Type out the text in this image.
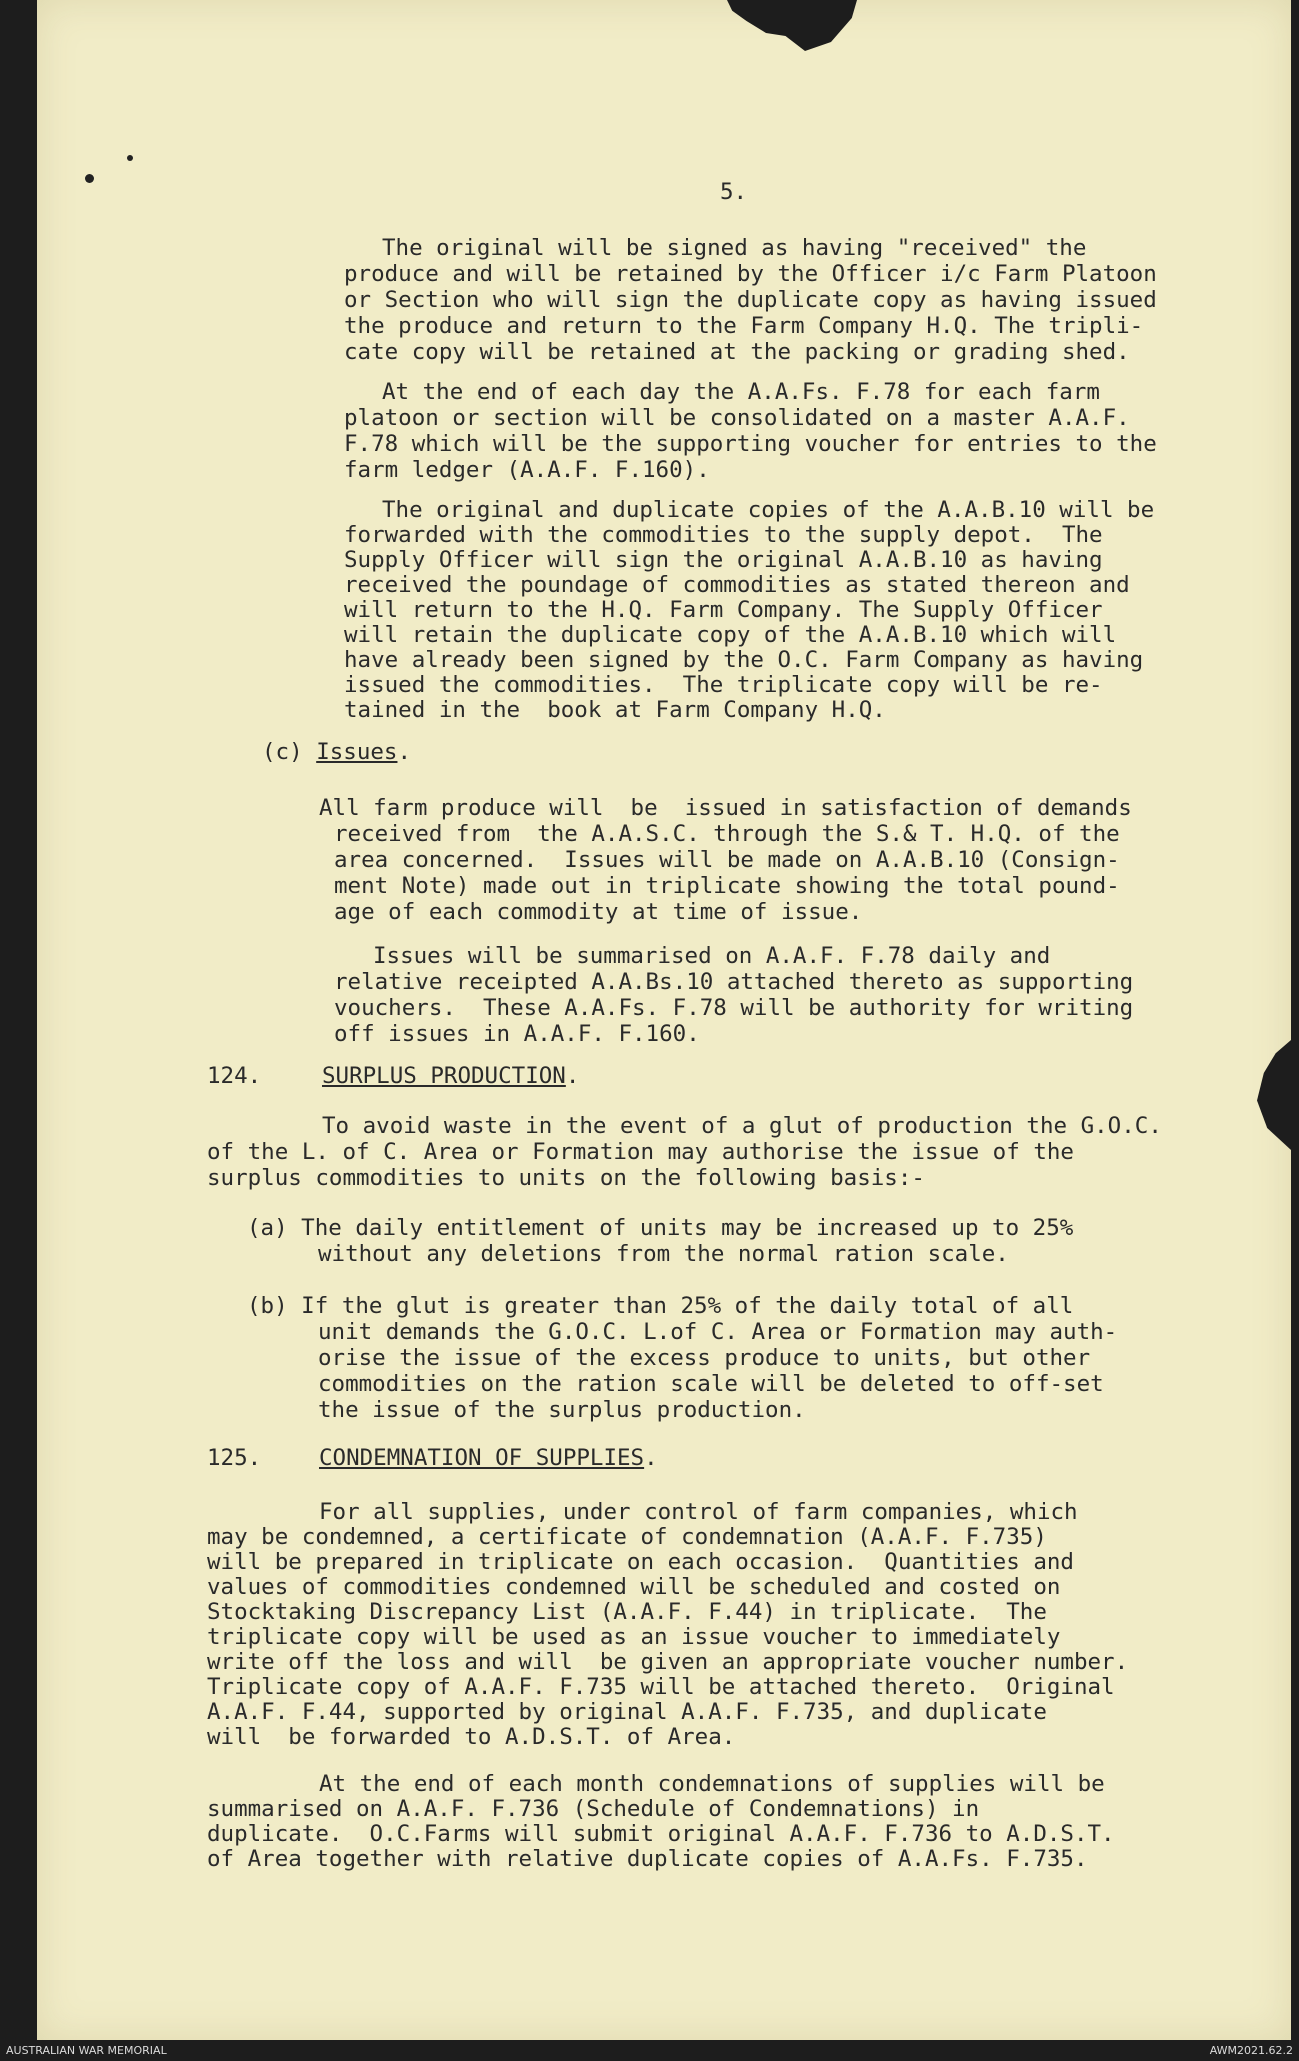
5.

The original will be signed as having "received" the

produce and will be retained by the Officer i/c Farm Platoon

or Section who will sign the duplicate copy as having issued

the produce and return to the Farm Company H.Q. The tripli-

cate copy will be retained at the packing or grading shed.

At the end of each day the A.A.Fs. F.78 for each farm

platoon or section will be consolidated on a master A.A.F.

F.78 which will be the supporting voucher for entries to the

farm ledger (A.A.F. F.160).

The original and duplicate copies of the A.A.B.10 will be

forwarded with the commodities to the supply depot.  The

Supply Officer will sign the original A.A.B.10 as having

received the poundage of commodities as stated thereon and

will return to the H.Q. Farm Company. The Supply Officer

will retain the duplicate copy of the A.A.B.10 which will

have already been signed by the O.C. Farm Company as having

issued the commodities.  The triplicate copy will be re-

tained in the  book at Farm Company H.Q.

(c) Issues.

All farm produce will  be  issued in satisfaction of demands

received from  the A.A.S.C. through the S.& T. H.Q. of the

area concerned.  Issues will be made on A.A.B.10 (Consign-

ment Note) made out in triplicate showing the total pound-

age of each commodity at time of issue.

Issues will be summarised on A.A.F. F.78 daily and

relative receipted A.A.Bs.10 attached thereto as supporting

vouchers.  These A.A.Fs. F.78 will be authority for writing

off issues in A.A.F. F.160.

124.	SURPLUS PRODUCTION.

To avoid waste in the event of a glut of production the G.O.C.

of the L. of C. Area or Formation may authorise the issue of the

surplus commodities to units on the following basis:-

(a) The daily entitlement of units may be increased up to 25%

without any deletions from the normal ration scale.

(b) If the glut is greater than 25% of the daily total of all

unit demands the G.O.C. L.of C. Area or Formation may auth-

orise the issue of the excess produce to units, but other

commodities on the ration scale will be deleted to off-set

the issue of the surplus production.

125.	CONDEMNATION OF SUPPLIES.

For all supplies, under control of farm companies, which

may be condemned, a certificate of condemnation (A.A.F. F.735)

will be prepared in triplicate on each occasion.  Quantities and

values of commodities condemned will be scheduled and costed on

Stocktaking Discrepancy List (A.A.F. F.44) in triplicate.  The

triplicate copy will be used as an issue voucher to immediately

write off the loss and will  be given an appropriate voucher number.

Triplicate copy of A.A.F. F.735 will be attached thereto.  Original

A.A.F. F.44, supported by original A.A.F. F.735, and duplicate

will  be forwarded to A.D.S.T. of Area.

At the end of each month condemnations of supplies will be

summarised on A.A.F. F.736 (Schedule of Condemnations) in

duplicate.  O.C.Farms will submit original A.A.F. F.736 to A.D.S.T.

of Area together with relative duplicate copies of A.A.Fs. F.735.

AUSTRALIAN WAR MEMORIAL	AWM2021.62.2
